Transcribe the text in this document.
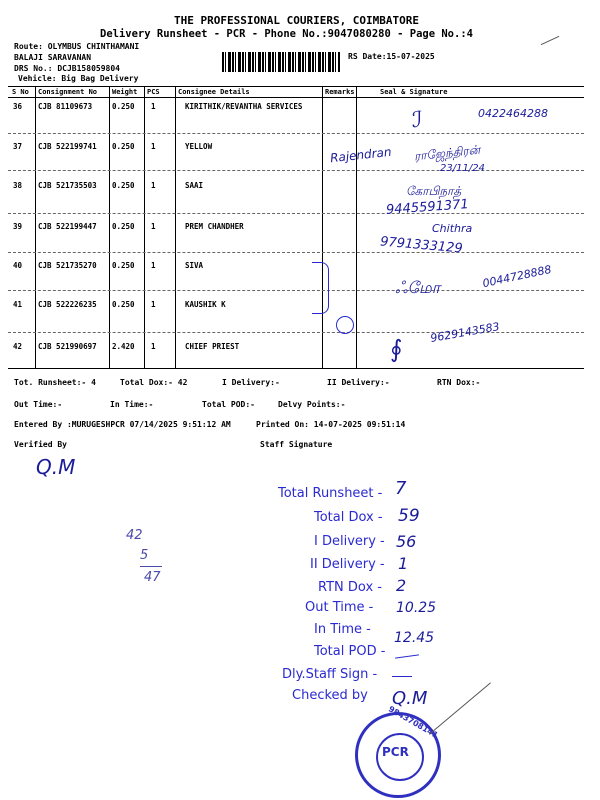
THE PROFESSIONAL COURIERS, COIMBATORE
Delivery Runsheet - PCR - Phone No.:9047080280 - Page No.:4
Route: OLYMBUS CHINTHAMANI
BALAJI SARAVANAN
DRS No.: DCJB158059804
Vehicle: Big Bag Delivery
RS Date:15-07-2025
S No Consignment No Weight PCS	Consignee Details	Remarks	Seal & Signature
36 CJB 81109673	0.250 1	KIRITHIK/REVANTHA SERVICES
37 CJB 522199741 0.250 1	YELLOW
38 CJB 521735503 0.250 1	SAAI
39 CJB 522199447 0.250 1	PREM CHANDHER
40 CJB 521735270 0.250 1	SIVA
41 CJB 522226235 0.250 1	KAUSHIK K
42 CJB 521990697 2.420 1	CHIEF PRIEST
0422464288
ℐ
Rajendran ராஜேந்திரன்
23/11/24
கோபிநாத்
9445591371
Chithra
9791333129
0044728888
ஃமோ
9629143583
∮
Tot. Runsheet:- 4	Total Dox:- 42	I Delivery:-	II Delivery:-	RTN Dox:-
Out Time:-	In Time:-	Total POD:-	Delvy Points:-
Entered By :MURUGESHPCR 07/14/2025 9:51:12 AM	Printed On: 14-07-2025 09:51:14
Verified By	Staff Signature
Q.M
42
5
47
Total Runsheet - 7
Total Dox - 59
I Delivery - 56
II Delivery - 1
RTN Dox - 2
Out Time - 10.25
In Time -
12.45
Total POD -
Dly.Staff Sign -
Checked by Q.M
PCR
9843708141
